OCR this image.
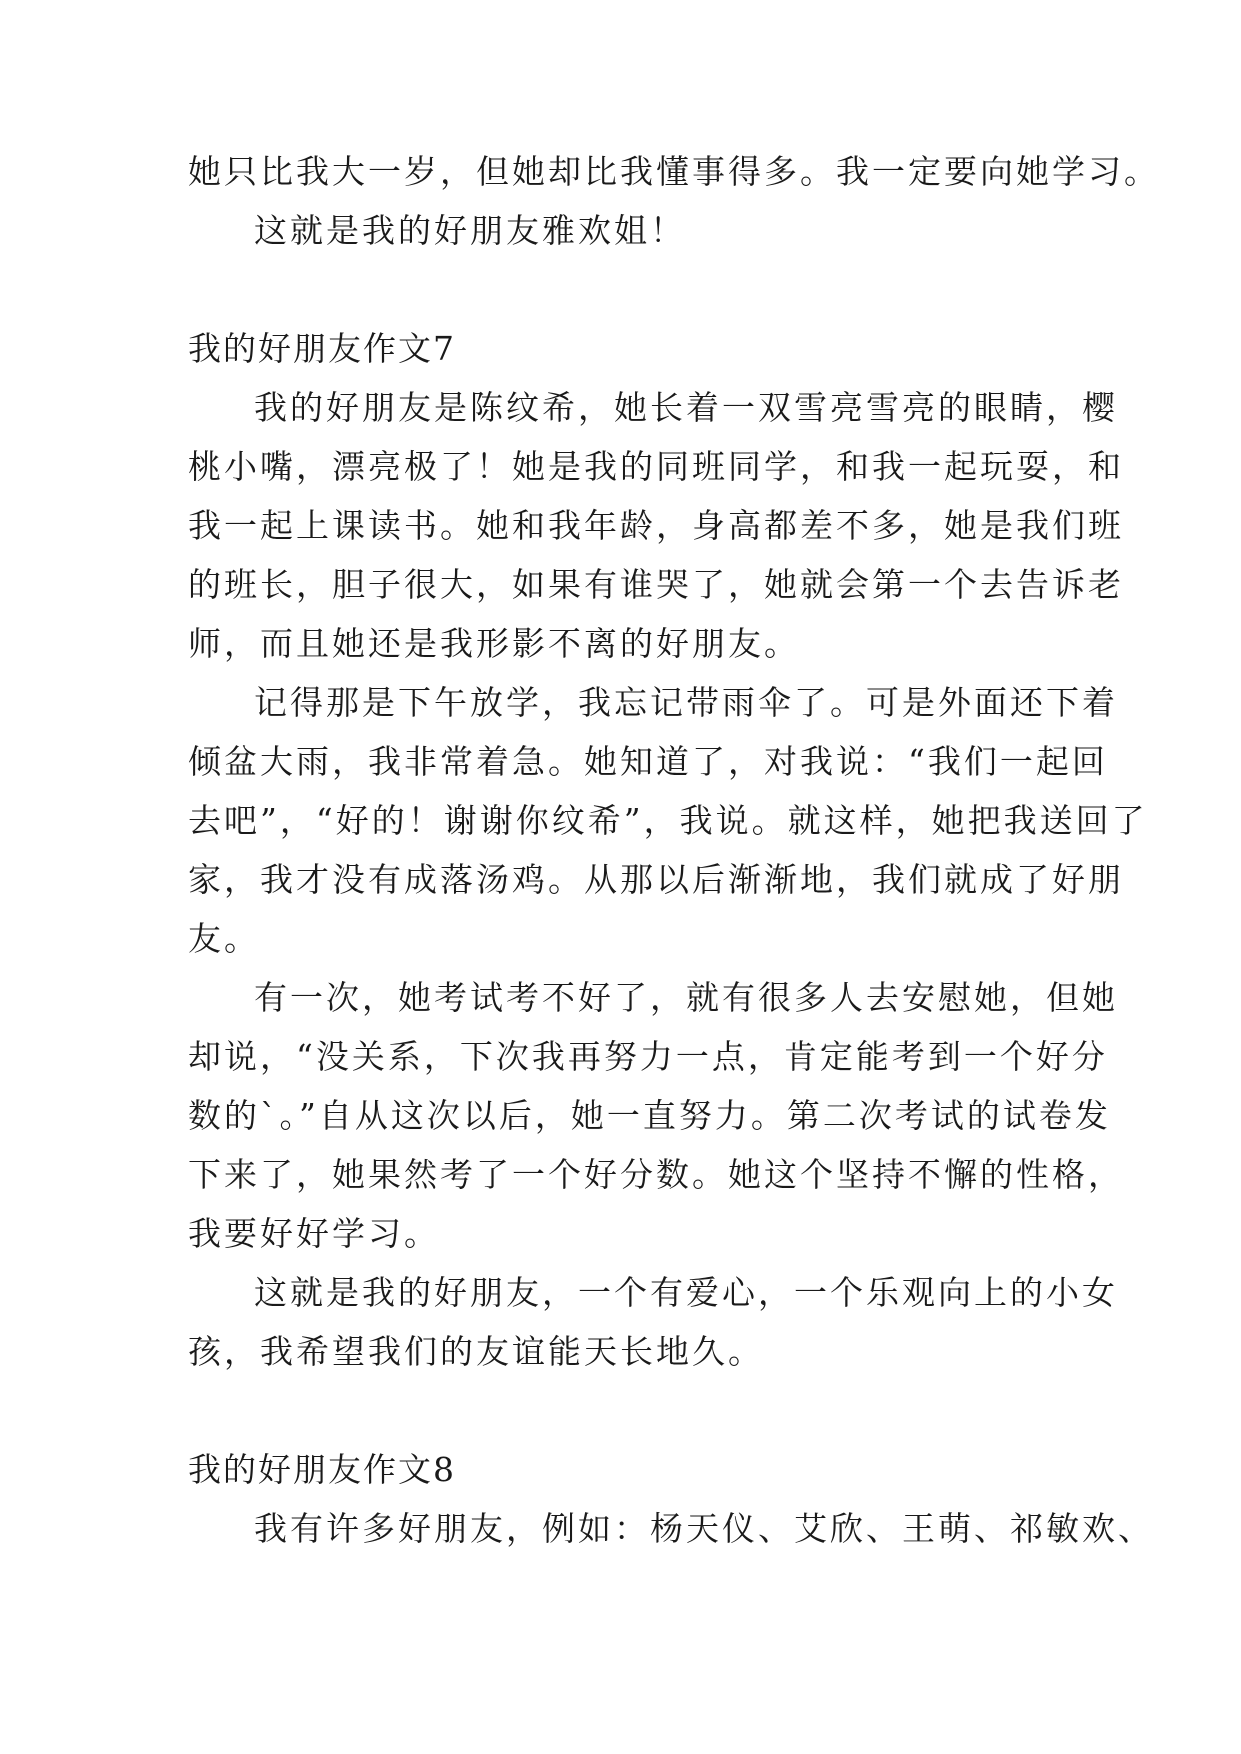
她只比我大一岁，但她却比我懂事得多。我一定要向她学习。

这就是我的好朋友雅欢姐！

我的好朋友作文7

我的好朋友是陈纹希，她长着一双雪亮雪亮的眼睛，樱

桃小嘴，漂亮极了！她是我的同班同学，和我一起玩耍，和

我一起上课读书。她和我年龄，身高都差不多，她是我们班

的班长，胆子很大，如果有谁哭了，她就会第一个去告诉老

师，而且她还是我形影不离的好朋友。

记得那是下午放学，我忘记带雨伞了。可是外面还下着

倾盆大雨，我非常着急。她知道了，对我说：“我们一起回

去吧”，“好的！谢谢你纹希”，我说。就这样，她把我送回了

家，我才没有成落汤鸡。从那以后渐渐地，我们就成了好朋

友。

有一次，她考试考不好了，就有很多人去安慰她，但她

却说，“没关系，下次我再努力一点，肯定能考到一个好分

数的`。”自从这次以后，她一直努力。第二次考试的试卷发

下来了，她果然考了一个好分数。她这个坚持不懈的性格，

我要好好学习。

这就是我的好朋友，一个有爱心，一个乐观向上的小女

孩，我希望我们的友谊能天长地久。

我的好朋友作文8

我有许多好朋友，例如：杨天仪、艾欣、王萌、祁敏欢、
